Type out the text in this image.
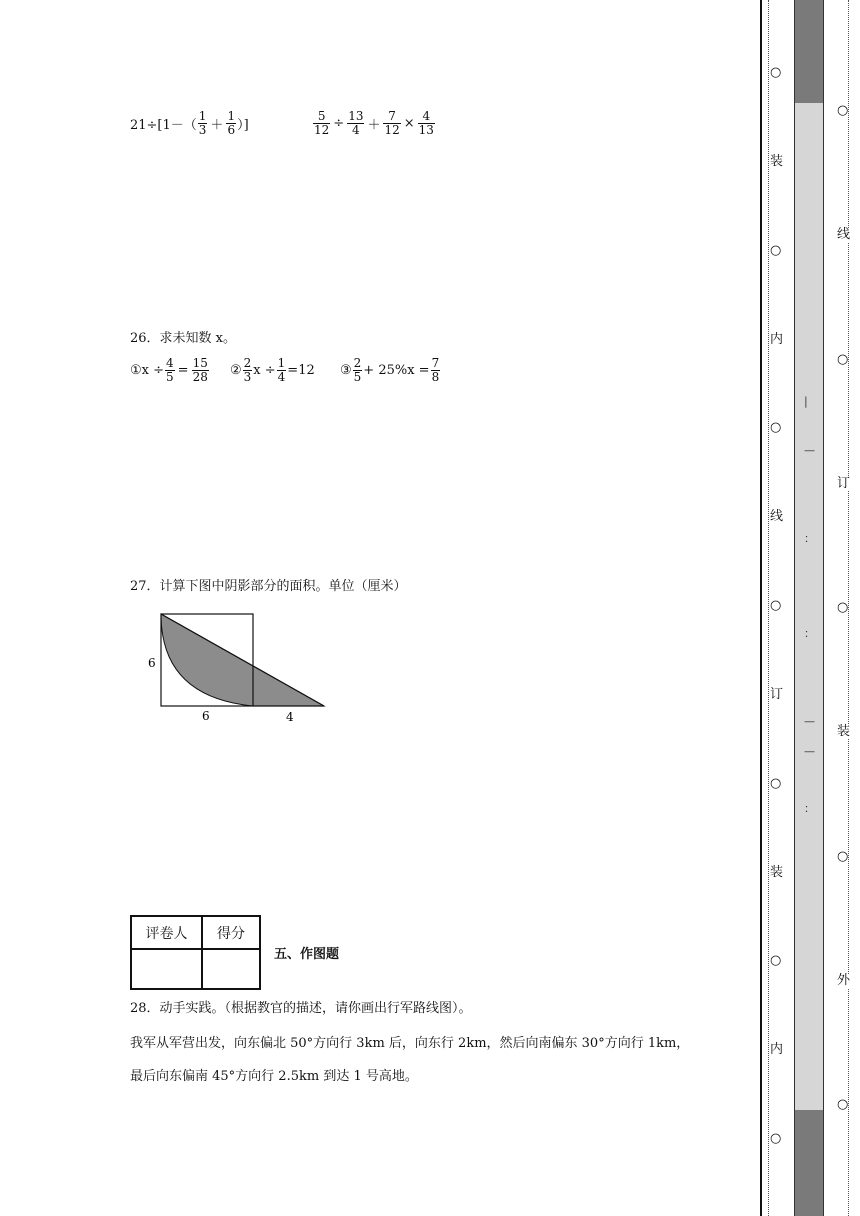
$21\div[1-( \frac{1}{3} + \frac{1}{6}$ ）]	$\frac{5}{12} \div \frac{13}{4} + \frac{7}{12} \times \frac{4}{13}$
26．求未知数 x。
① $x \div \frac{4}{5} = \frac{15}{28}$ ② $\frac{2}{3}$ $x \div \frac{1}{4} =12$ ③ $\frac{2}{5} + 25\%x = \frac{7}{8}$
27．计算下图中阴影部分的面积。单位（厘米）
6
6	4
评卷人	得分

五、作图题
28．动手实践。（根据教官的描述，请你画出行军路线图）。
我军从军营出发，向东偏北 50°方向行 3km 后，向东行 2km，然后向南偏东 30°方向行 1km，
最后向东偏南 45°方向行 2.5km 到达 1 号高地。
○
装
○
内
○
线
○
订
○
装
○
内
○
○
线
○
订
○
装
○
外
○
|
—
：
：
—
—
：
